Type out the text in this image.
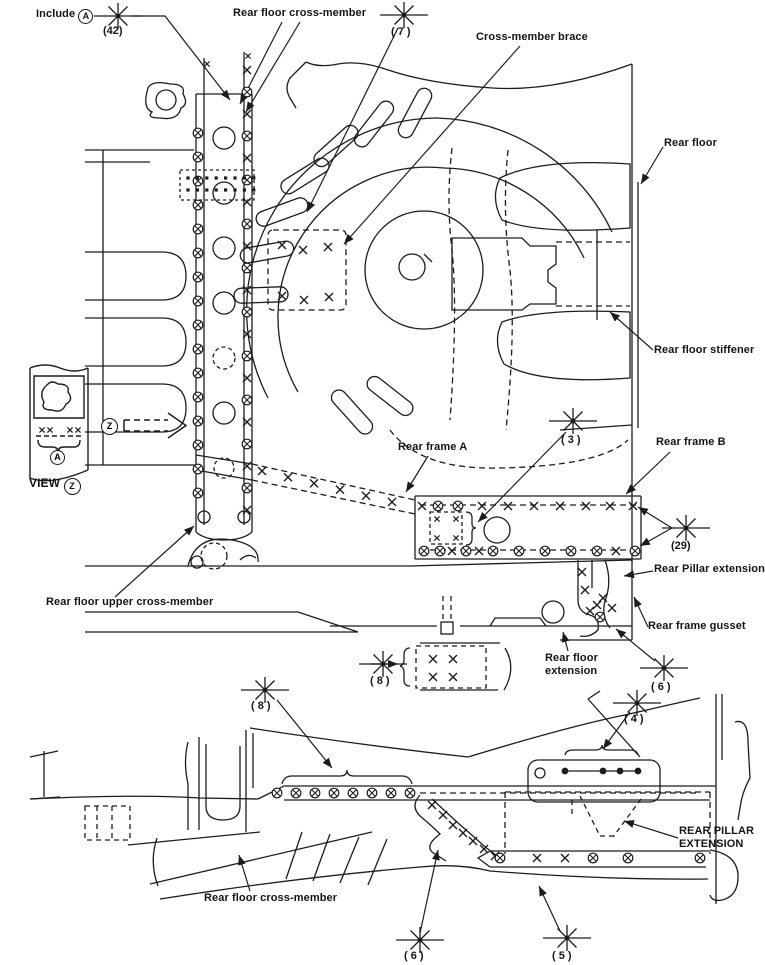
Include A
(42)
Rear floor cross-member
( 7 )	Cross-member brace
Rear floor
Rear floor stiffener
Rear frame A
( 3 )	Rear frame B
(29)
Rear Pillar extension
Rear frame gusset
Rear floor upper cross-member
Rear floor
extension
( 8 )	( 6 )
VIEW Z
A
Z
( 8 )
( 4 )
REAR PILLAR
EXTENSION
Rear floor cross-member
( 6 )	( 5 )
